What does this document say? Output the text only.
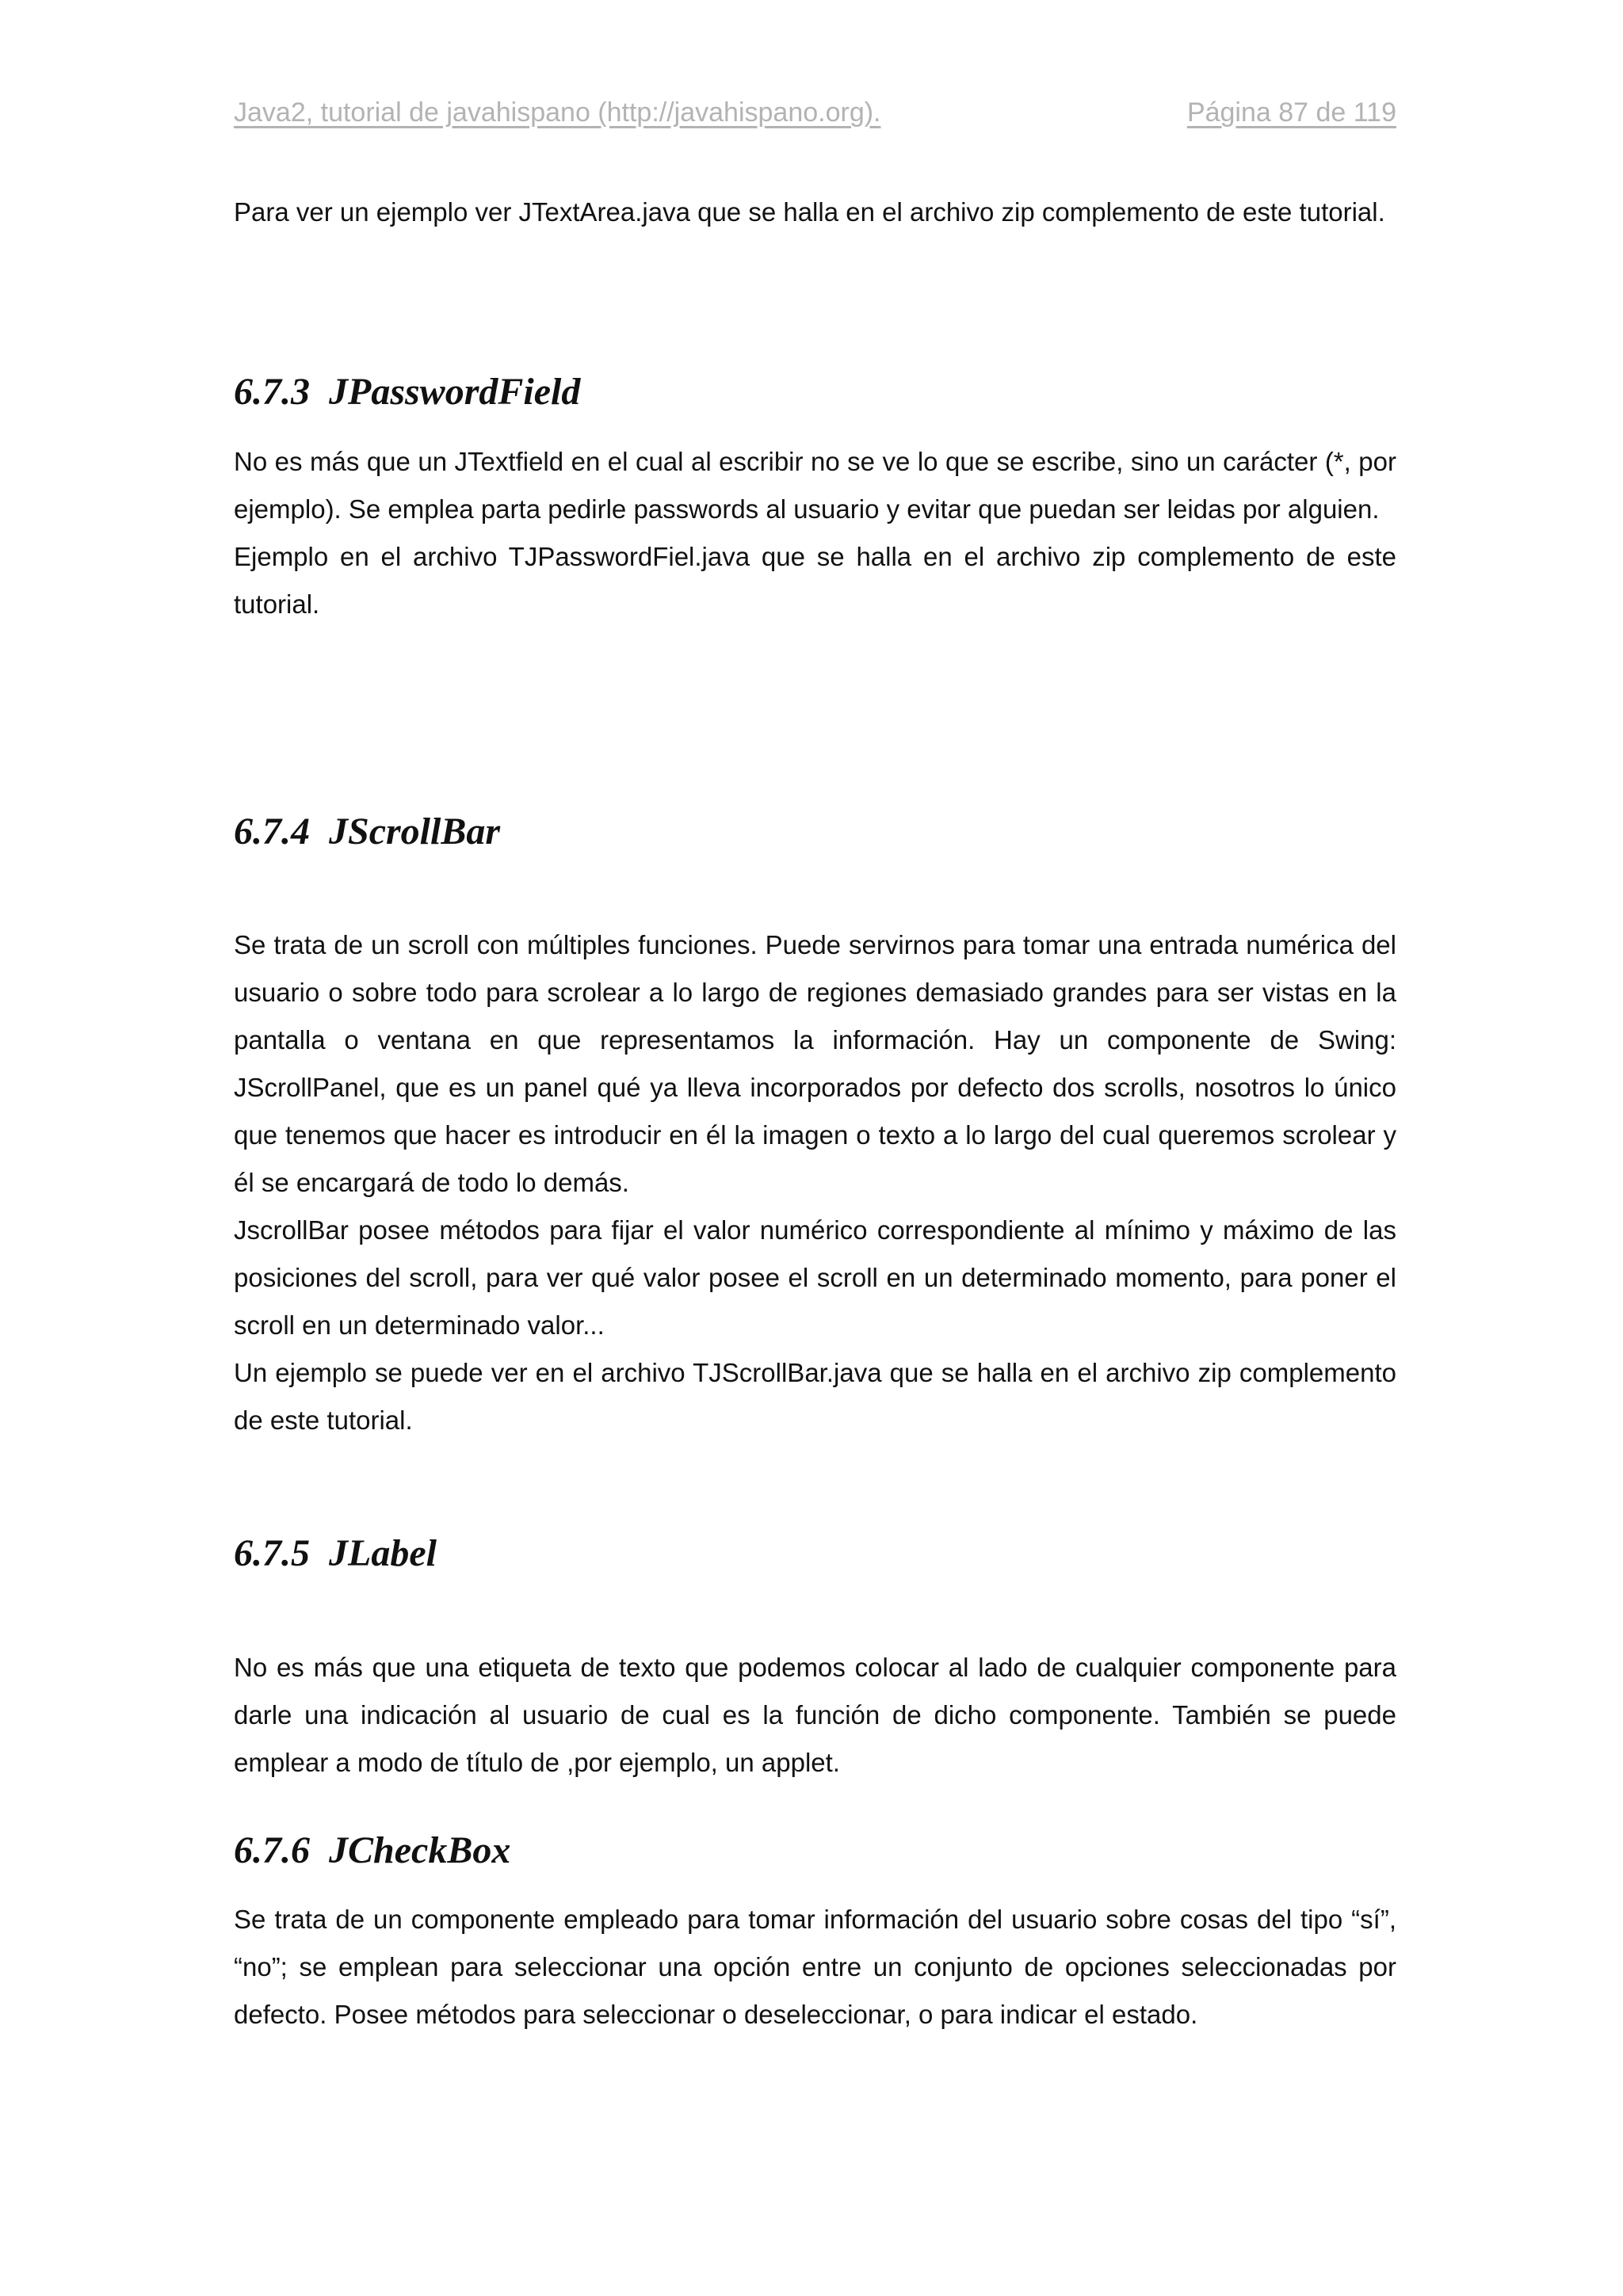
Java2, tutorial de javahispano (http://javahispano.org).	Página 87 de 119

Para ver un ejemplo ver JTextArea.java que se halla en el archivo zip complemento de este tutorial.

6.7.3 JPasswordField

No es más que un JTextfield en el cual al escribir no se ve lo que se escribe, sino un carácter (*, por ejemplo). Se emplea parta pedirle passwords al usuario y evitar que puedan ser leidas por alguien.

Ejemplo en el archivo TJPasswordFiel.java que se halla en el archivo zip complemento de este tutorial.

6.7.4 JScrollBar

Se trata de un scroll con múltiples funciones. Puede servirnos para tomar una entrada numérica del usuario o sobre todo para scrolear a lo largo de regiones demasiado grandes para ser vistas en la pantalla o ventana en que representamos la información. Hay un componente de Swing: JScrollPanel, que es un panel qué ya lleva incorporados por defecto dos scrolls, nosotros lo único que tenemos que hacer es introducir en él la imagen o texto a lo largo del cual queremos scrolear y él se encargará de todo lo demás.

JscrollBar posee métodos para fijar el valor numérico correspondiente al mínimo y máximo de las posiciones del scroll, para ver qué valor posee el scroll en un determinado momento, para poner el scroll en un determinado valor...

Un ejemplo se puede ver en el archivo TJScrollBar.java que se halla en el archivo zip complemento de este tutorial.

6.7.5 JLabel

No es más que una etiqueta de texto que podemos colocar al lado de cualquier componente para darle una indicación al usuario de cual es la función de dicho componente. También se puede emplear a modo de título de ,por ejemplo, un applet.

6.7.6 JCheckBox

Se trata de un componente empleado para tomar información del usuario sobre cosas del tipo “sí”, “no”; se emplean para seleccionar una opción entre un conjunto de opciones seleccionadas por defecto. Posee métodos para seleccionar o deseleccionar, o para indicar el estado.
